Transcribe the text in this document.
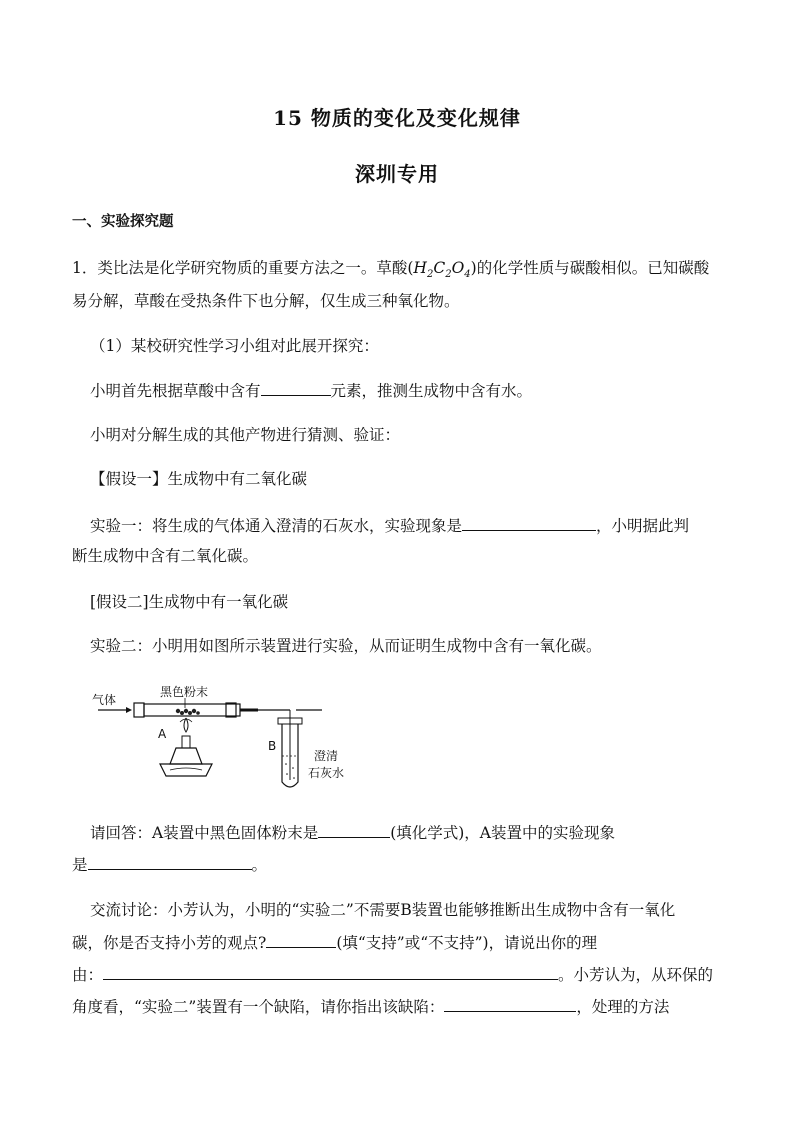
15 物质的变化及变化规律
深圳专用
一、实验探究题
1．类比法是化学研究物质的重要方法之一。草酸$(H_2C_2O_4)$的化学性质与碳酸相似。已知碳酸
易分解，草酸在受热条件下也分解，仅生成三种氧化物。
（1）某校研究性学习小组对此展开探究：
小明首先根据草酸中含有	元素，推测生成物中含有水。
小明对分解生成的其他产物进行猜测、验证：
【假设一】生成物中有二氧化碳
实验一：将生成的气体通入澄清的石灰水，实验现象是	，小明据此判
断生成物中含有二氧化碳。
[假设二]生成物中有一氧化碳
实验二：小明用如图所示装置进行实验，从而证明生成物中含有一氧化碳。
气体
黑色粉末
A
B
澄清
石灰水
请回答：A装置中黑色固体粉末是	(填化学式)，A装置中的实验现象
是	。
交流讨论：小芳认为，小明的“实验二”不需要B装置也能够推断出生成物中含有一氧化
碳，你是否支持小芳的观点?	(填“支持”或“不支持”)，请说出你的理
由：	。小芳认为，从环保的
角度看，“实验二”装置有一个缺陷，请你指出该缺陷：	，处理的方法
